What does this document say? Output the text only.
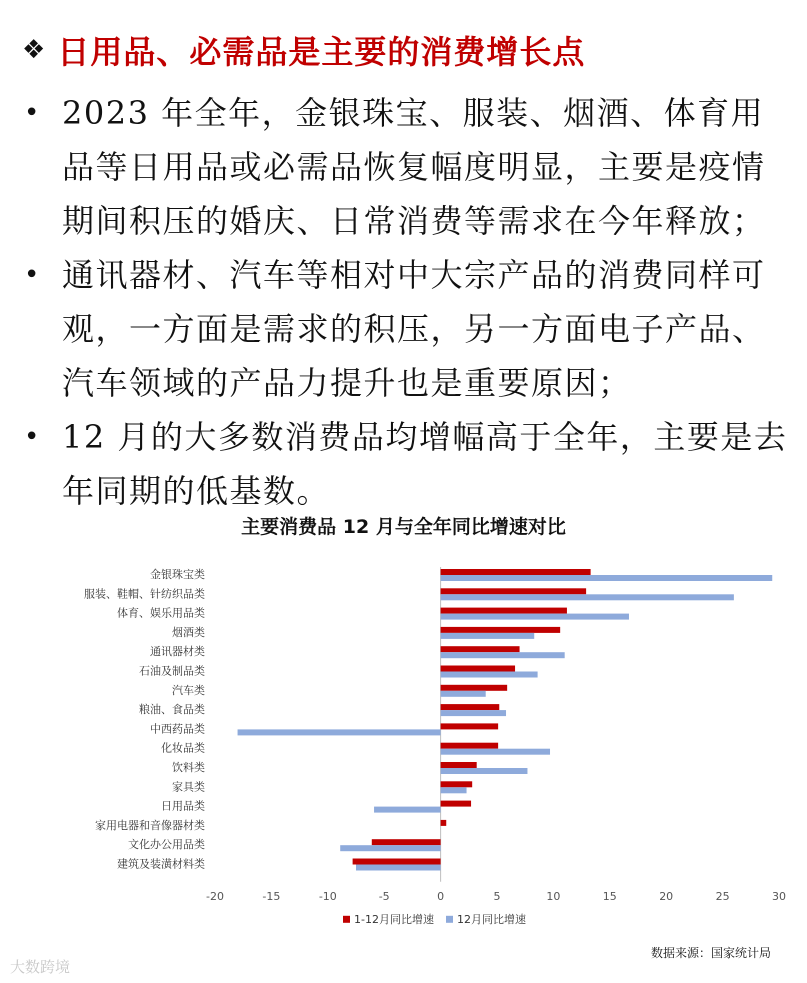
❖ 日用品、必需品是主要的消费增长点
• 2023 年全年，金银珠宝、服装、烟酒、体育用品等日用品或必需品恢复幅度明显，主要是疫情期间积压的婚庆、日常消费等需求在今年释放；
• 通讯器材、汽车等相对中大宗产品的消费同样可观，一方面是需求的积压，另一方面电子产品、汽车领域的产品力提升也是重要原因；
• 12 月的大多数消费品均增幅高于全年，主要是去年同期的低基数。
主要消费品 12 月与全年同比增速对比
金银珠宝类
服装、鞋帽、针纺织品类
体育、娱乐用品类
烟酒类
通讯器材类
石油及制品类
汽车类
粮油、食品类
中西药品类
化妆品类
饮料类
家具类
日用品类
家用电器和音像器材类
文化办公用品类
建筑及装潢材料类
-20	-15	-10	-5	0	5	10	15	20	25	30
1-12月同比增速 12月同比增速
数据来源：国家统计局
大数跨境
